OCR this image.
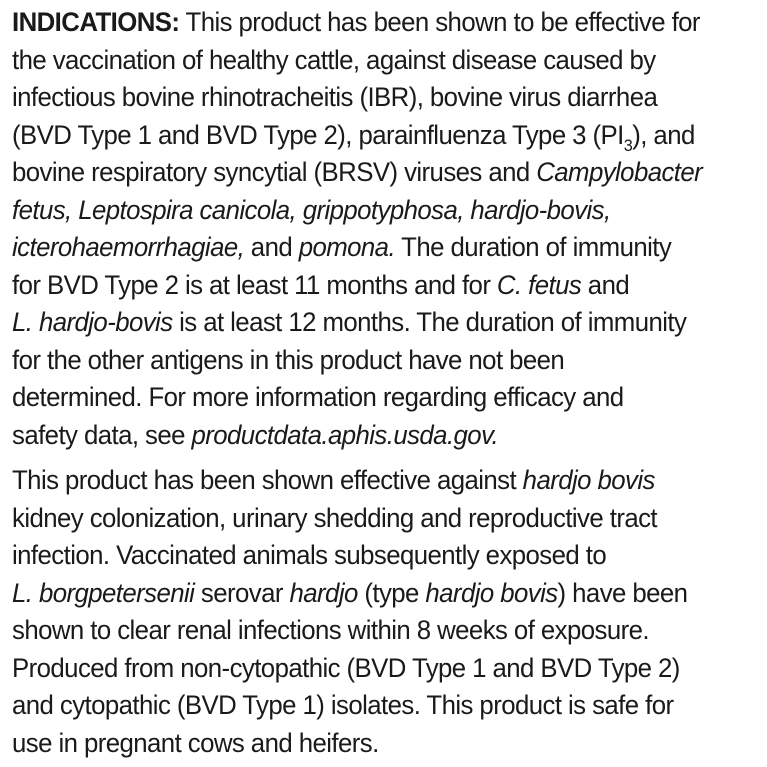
INDICATIONS: This product has been shown to be effective for
the vaccination of healthy cattle, against disease caused by
infectious bovine rhinotracheitis (IBR), bovine virus diarrhea
(BVD Type 1 and BVD Type 2), parainfluenza Type 3 $(PI_3)$, and
bovine respiratory syncytial (BRSV) viruses and Campylobacter
fetus, Leptospira canicola, grippotyphosa, hardjo-bovis,
icterohaemorrhagiae, and pomona. The duration of immunity
for BVD Type 2 is at least 11 months and for C. fetus and
L. hardjo-bovis is at least 12 months. The duration of immunity
for the other antigens in this product have not been
determined. For more information regarding efficacy and
safety data, see productdata.aphis.usda.gov.
This product has been shown effective against hardjo bovis
kidney colonization, urinary shedding and reproductive tract
infection. Vaccinated animals subsequently exposed to
L. borgpetersenii serovar hardjo (type hardjo bovis) have been
shown to clear renal infections within 8 weeks of exposure.
Produced from non-cytopathic (BVD Type 1 and BVD Type 2)
and cytopathic (BVD Type 1) isolates. This product is safe for
use in pregnant cows and heifers.
